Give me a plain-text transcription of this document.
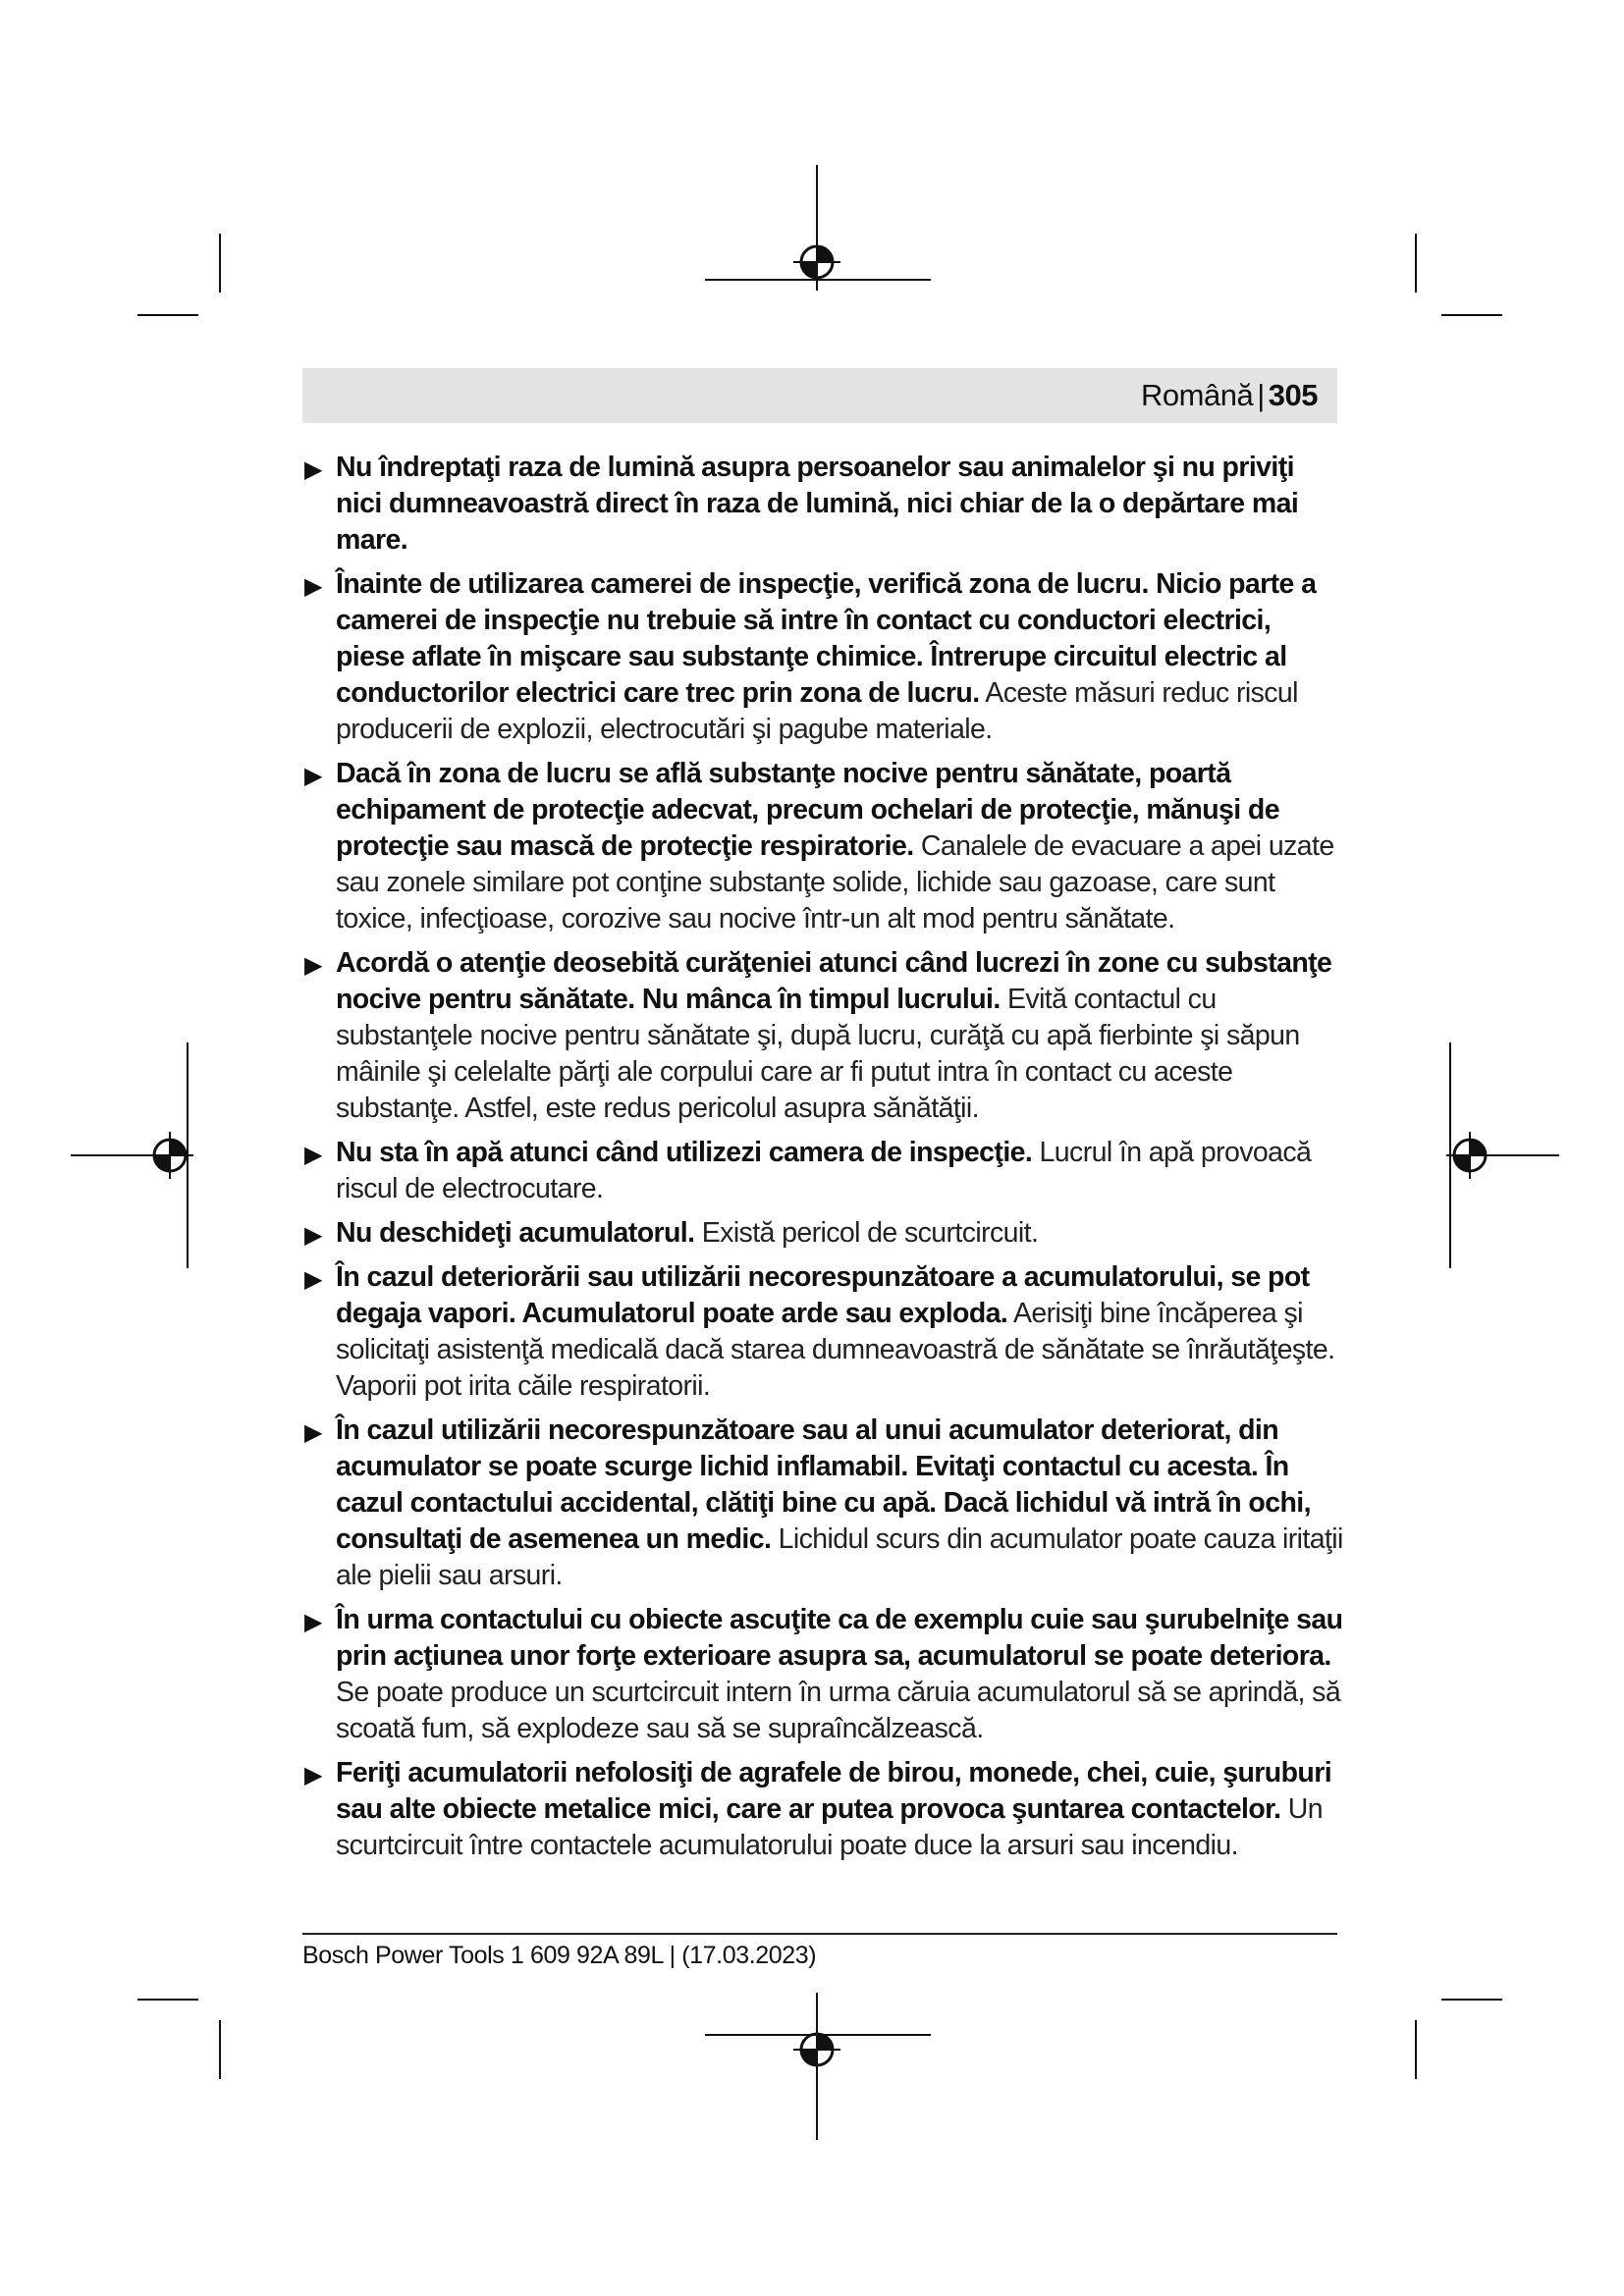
Română | 305
▶ Nu îndreptaţi raza de lumină asupra persoanelor sau animalelor şi nu priviţi nici dumneavoastră direct în raza de lumină, nici chiar de la o depărtare mai mare.
▶ Înainte de utilizarea camerei de inspecţie, verifică zona de lucru. Nicio parte a camerei de inspecţie nu trebuie să intre în contact cu conductori electrici, piese aflate în mişcare sau substanţe chimice. Întrerupe circuitul electric al conductorilor electrici care trec prin zona de lucru. Aceste măsuri reduc riscul producerii de explozii, electrocutări şi pagube materiale.
▶ Dacă în zona de lucru se află substanţe nocive pentru sănătate, poartă echipament de protecţie adecvat, precum ochelari de protecţie, mănuşi de protecţie sau mască de protecţie respiratorie. Canalele de evacuare a apei uzate sau zonele similare pot conţine substanţe solide, lichide sau gazoase, care sunt toxice, infecţioase, corozive sau nocive într-un alt mod pentru sănătate.
▶ Acordă o atenţie deosebită curăţeniei atunci când lucrezi în zone cu substanţe nocive pentru sănătate. Nu mânca în timpul lucrului. Evită contactul cu substanţele nocive pentru sănătate şi, după lucru, curăţă cu apă fierbinte şi săpun mâinile şi celelalte părţi ale corpului care ar fi putut intra în contact cu aceste substanţe. Astfel, este redus pericolul asupra sănătăţii.
▶ Nu sta în apă atunci când utilizezi camera de inspecţie. Lucrul în apă provoacă riscul de electrocutare.
▶ Nu deschideţi acumulatorul. Există pericol de scurtcircuit.
▶ În cazul deteriorării sau utilizării necorespunzătoare a acumulatorului, se pot degaja vapori. Acumulatorul poate arde sau exploda. Aerisiţi bine încăperea şi solicitaţi asistenţă medicală dacă starea dumneavoastră de sănătate se înrăutăţeşte. Vaporii pot irita căile respiratorii.
▶ În cazul utilizării necorespunzătoare sau al unui acumulator deteriorat, din acumulator se poate scurge lichid inflamabil. Evitaţi contactul cu acesta. În cazul contactului accidental, clătiţi bine cu apă. Dacă lichidul vă intră în ochi, consultaţi de asemenea un medic. Lichidul scurs din acumulator poate cauza iritaţii ale pielii sau arsuri.
▶ În urma contactului cu obiecte ascuţite ca de exemplu cuie sau şurubelniţe sau prin acţiunea unor forţe exterioare asupra sa, acumulatorul se poate deteriora. Se poate produce un scurtcircuit intern în urma căruia acumulatorul să se aprindă, să scoată fum, să explodeze sau să se supraîncălzească.
▶ Feriţi acumulatorii nefolosiţi de agrafele de birou, monede, chei, cuie, şuruburi sau alte obiecte metalice mici, care ar putea provoca şuntarea contactelor. Un scurtcircuit între contactele acumulatorului poate duce la arsuri sau incendiu.
Bosch Power Tools 1 609 92A 89L | (17.03.2023)
